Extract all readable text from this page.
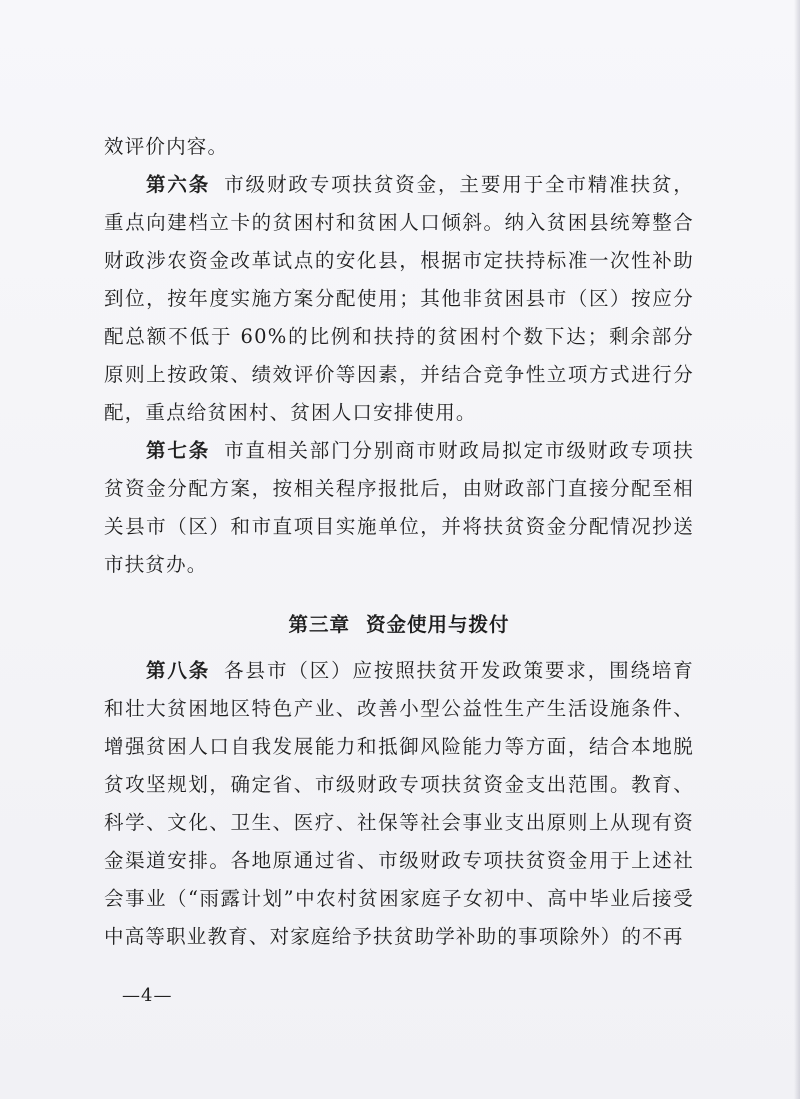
效评价内容。

第六条 市级财政专项扶贫资金，主要用于全市精准扶贫，重点向建档立卡的贫困村和贫困人口倾斜。纳入贫困县统筹整合财政涉农资金改革试点的安化县，根据市定扶持标准一次性补助到位，按年度实施方案分配使用；其他非贫困县市（区）按应分配总额不低于 60%的比例和扶持的贫困村个数下达；剩余部分原则上按政策、绩效评价等因素，并结合竞争性立项方式进行分配，重点给贫困村、贫困人口安排使用。

第七条 市直相关部门分别商市财政局拟定市级财政专项扶贫资金分配方案，按相关程序报批后，由财政部门直接分配至相关县市（区）和市直项目实施单位，并将扶贫资金分配情况抄送市扶贫办。

第三章 资金使用与拨付

第八条 各县市（区）应按照扶贫开发政策要求，围绕培育和壮大贫困地区特色产业、改善小型公益性生产生活设施条件、增强贫困人口自我发展能力和抵御风险能力等方面，结合本地脱贫攻坚规划，确定省、市级财政专项扶贫资金支出范围。教育、科学、文化、卫生、医疗、社保等社会事业支出原则上从现有资金渠道安排。各地原通过省、市级财政专项扶贫资金用于上述社会事业（“雨露计划”中农村贫困家庭子女初中、高中毕业后接受中高等职业教育、对家庭给予扶贫助学补助的事项除外）的不再

—4—
